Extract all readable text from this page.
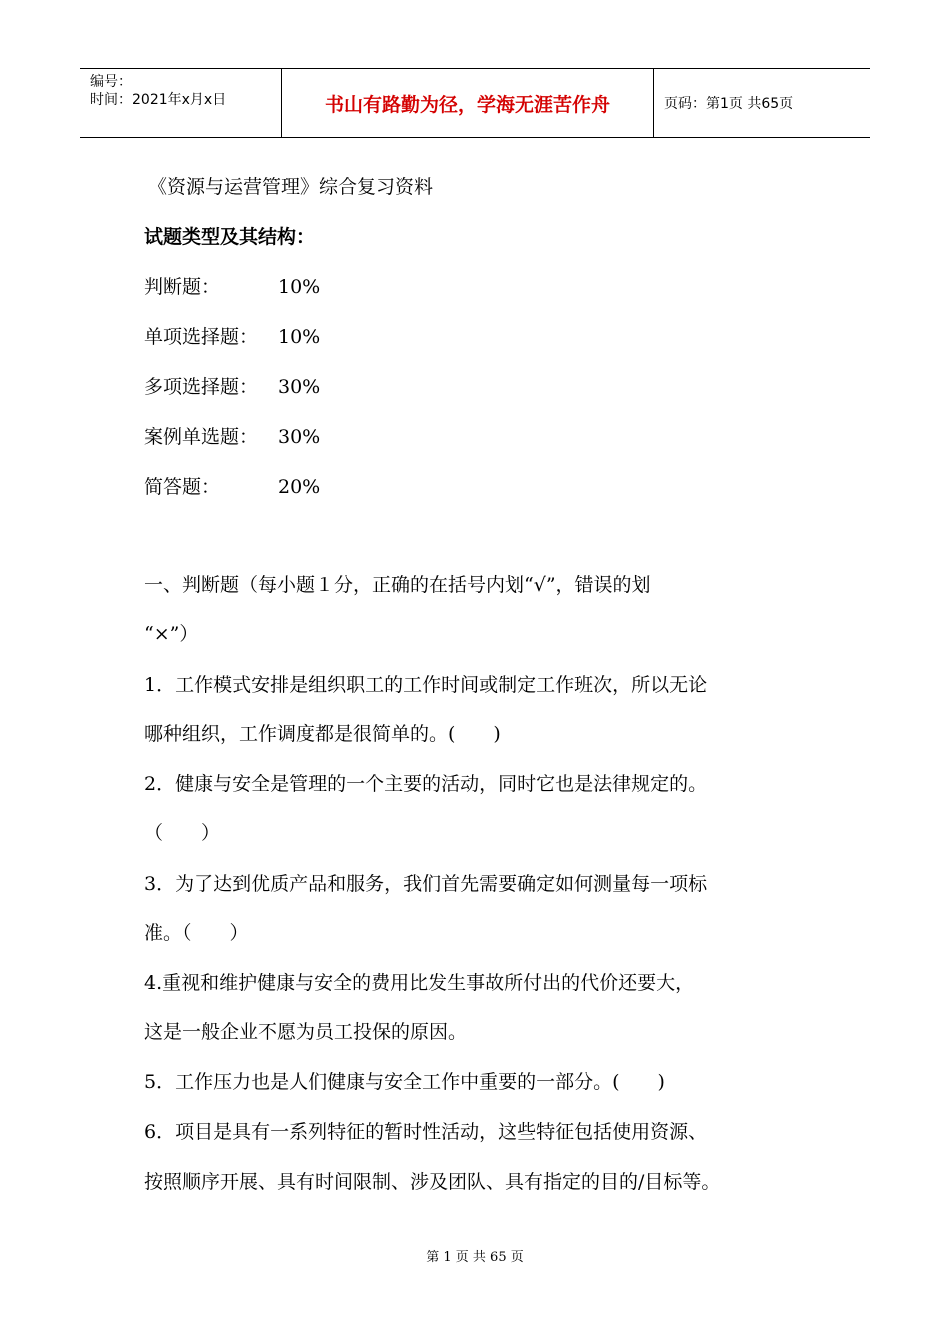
编号：
时间：2021年x月x日	书山有路勤为径，学海无涯苦作舟	页码：第1页 共65页
《资源与运营管理》综合复习资料
试题类型及其结构：
判断题：	10%
单项选择题： 10%
多项选择题： 30%
案例单选题： 30%
简答题：	20%
一、判断题（每小题１分，正确的在括号内划“√”，错误的划
“×”）
1．工作模式安排是组织职工的工作时间或制定工作班次，所以无论
哪种组织，工作调度都是很简单的。(　　)
2．健康与安全是管理的一个主要的活动，同时它也是法律规定的。
（　　）
3．为了达到优质产品和服务，我们首先需要确定如何测量每一项标
准。（　　）
4.重视和维护健康与安全的费用比发生事故所付出的代价还要大，
这是一般企业不愿为员工投保的原因。
5．工作压力也是人们健康与安全工作中重要的一部分。(　　)
6．项目是具有一系列特征的暂时性活动，这些特征包括使用资源、
按照顺序开展、具有时间限制、涉及团队、具有指定的目的/目标等。
第 1 页 共 65 页
